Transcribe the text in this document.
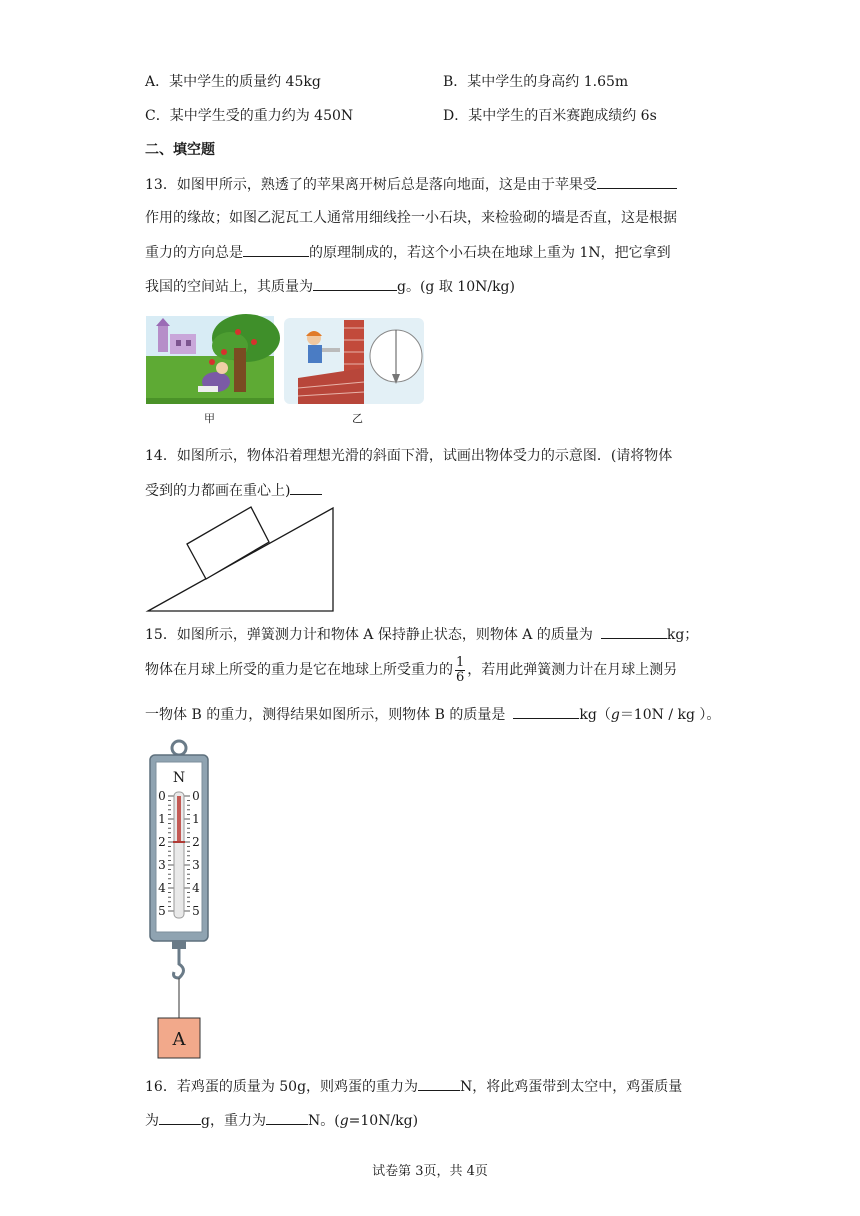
A．某中学生的质量约 45kg	B．某中学生的身高约 1.65m
C．某中学生受的重力约为 450N	D．某中学生的百米赛跑成绩约 6s
二、填空题
13．如图甲所示，熟透了的苹果离开树后总是落向地面，这是由于苹果受
作用的缘故；如图乙泥瓦工人通常用细线拴一小石块，来检验砌的墙是否直，这是根据
重力的方向总是	的原理制成的，若这个小石块在地球上重为 1N，把它拿到
我国的空间站上，其质量为	g。(g 取 10N/kg)
甲	乙
14．如图所示，物体沿着理想光滑的斜面下滑，试画出物体受力的示意图．(请将物体
受到的力都画在重心上)
15．如图所示，弹簧测力计和物体 A 保持静止状态，则物体 A 的质量为	kg；
物体在月球上所受的重力是它在地球上所受重力的 $\frac{1}{6}$ ，若用此弹簧测力计在月球上测另
一物体 B 的重力，测得结果如图所示，则物体 B 的质量是	kg（g＝10N / kg ）。
N
0 0
1 1
2 2
3 3
4 4
5 5
A
16．若鸡蛋的质量为 50g，则鸡蛋的重力为	N，将此鸡蛋带到太空中，鸡蛋质量
为	g，重力为	N。(g=10N/kg)
试卷第 3页，共 4页
